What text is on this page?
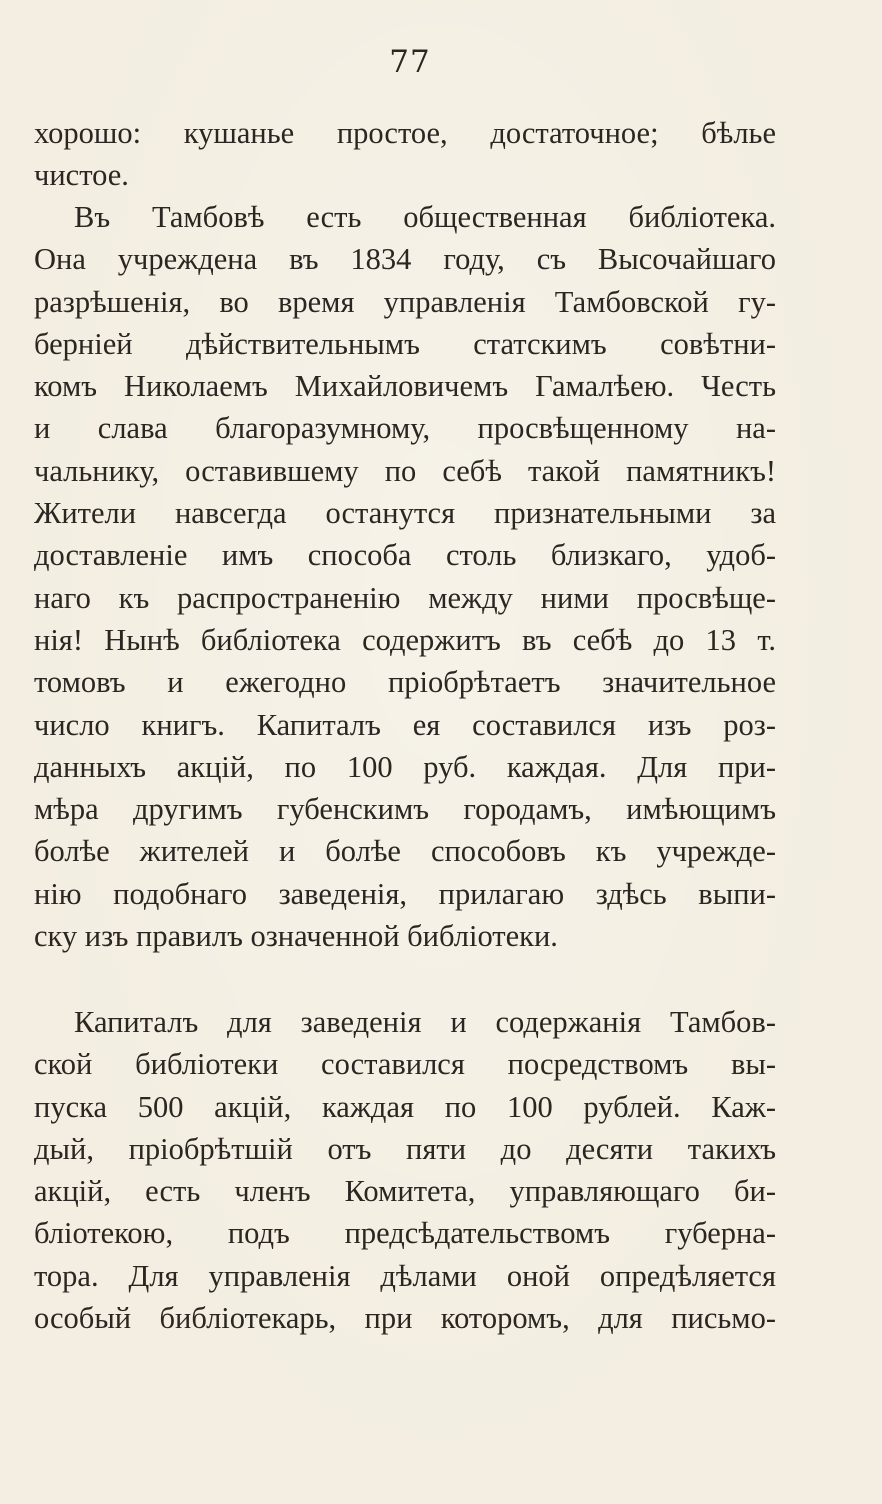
77
хорошо: кушанье простое, достаточное; бѣлье
чистое.
Въ Тамбовѣ есть общественная библіотека.
Она учреждена въ 1834 году, съ Высочайшаго
разрѣшенія, во время управленія Тамбовской гу-
берніей дѣйствительнымъ статскимъ совѣтни-
комъ Николаемъ Михайловичемъ Гамалѣею. Честь
и слава благоразумному, просвѣщенному на-
чальнику, оставившему по себѣ такой памятникъ!
Жители навсегда останутся признательными за
доставленіе имъ способа столь близкаго, удоб-
наго къ распространенію между ними просвѣще-
нія! Нынѣ библіотека содержитъ въ себѣ до 13 т.
томовъ и ежегодно пріобрѣтаетъ значительное
число книгъ. Капиталъ ея составился изъ роз-
данныхъ акцій, по 100 руб. каждая. Для при-
мѣра другимъ губенскимъ городамъ, имѣющимъ
болѣе жителей и болѣе способовъ къ учрежде-
нію подобнаго заведенія, прилагаю здѣсь выпи-
ску изъ правилъ означенной библіотеки.
Капиталъ для заведенія и содержанія Тамбов-
ской библіотеки составился посредствомъ вы-
пуска 500 акцій, каждая по 100 рублей. Каж-
дый, пріобрѣтшій отъ пяти до десяти такихъ
акцій, есть членъ Комитета, управляющаго би-
бліотекою, подъ предсѣдательствомъ губерна-
тора. Для управленія дѣлами оной опредѣляется
особый библіотекарь, при которомъ, для письмо-
